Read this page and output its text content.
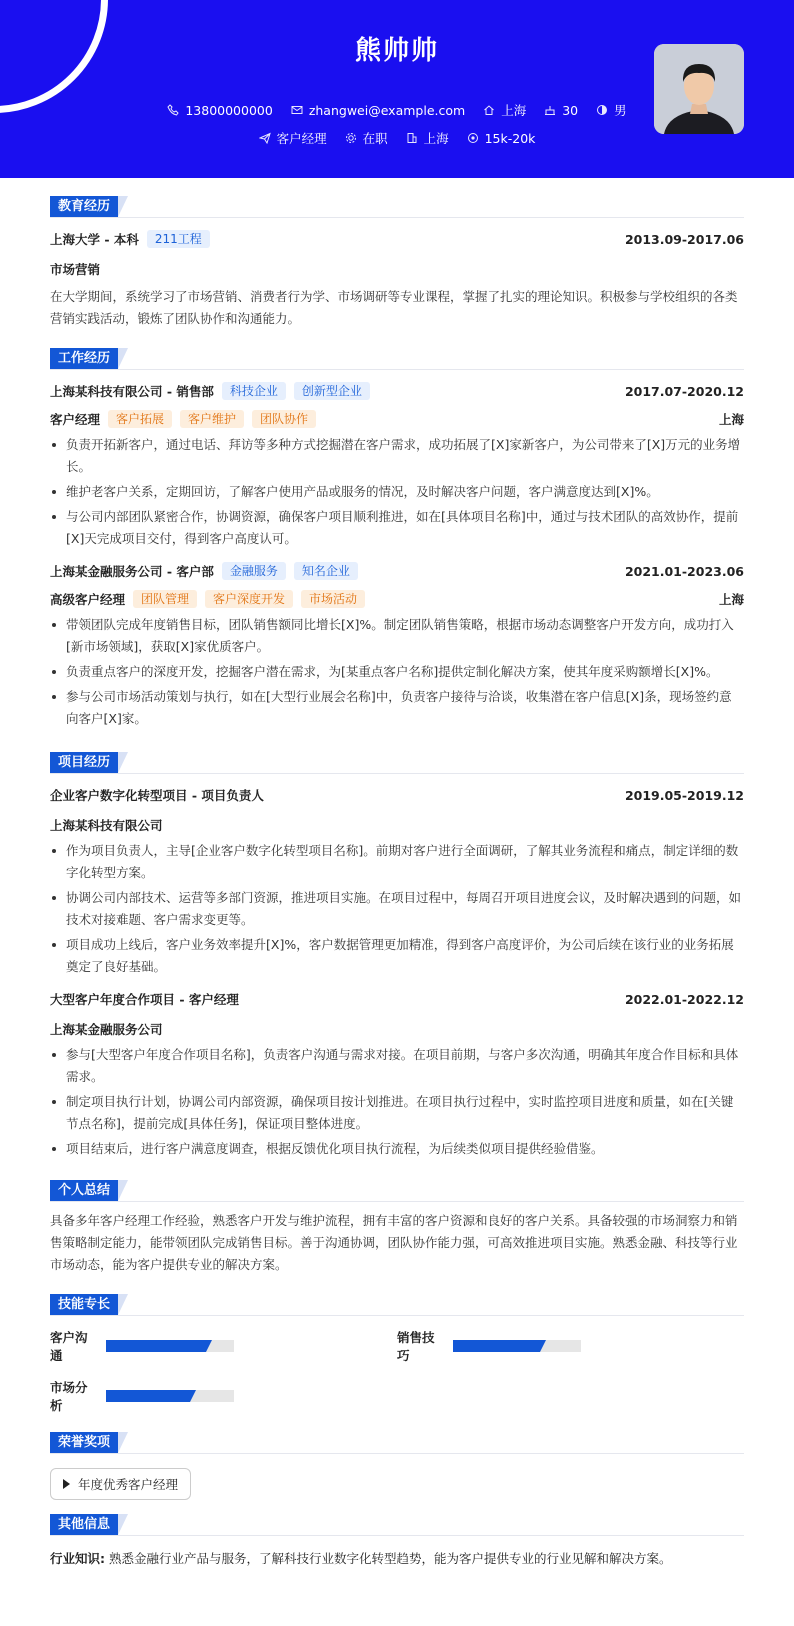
熊帅帅
13800000000	zhangwei@example.com	上海	30	男
客户经理	在职	上海	15k-20k
教育经历
上海大学 - 本科	211工程	2013.09-2017.06
市场营销
在大学期间，系统学习了市场营销、消费者行为学、市场调研等专业课程，掌握了扎实的理论知识。积极参与学校组织的各类营销实践活动，锻炼了团队协作和沟通能力。
工作经历
上海某科技有限公司 - 销售部	科技企业	创新型企业	2017.07-2020.12
客户经理	客户拓展	客户维护	团队协作	上海
负责开拓新客户，通过电话、拜访等多种方式挖掘潜在客户需求，成功拓展了[X]家新客户，为公司带来了[X]万元的业务增长。
维护老客户关系，定期回访，了解客户使用产品或服务的情况，及时解决客户问题，客户满意度达到[X]%。
与公司内部团队紧密合作，协调资源，确保客户项目顺利推进，如在[具体项目名称]中，通过与技术团队的高效协作，提前[X]天完成项目交付，得到客户高度认可。
上海某金融服务公司 - 客户部	金融服务	知名企业	2021.01-2023.06
高级客户经理	团队管理	客户深度开发	市场活动	上海
带领团队完成年度销售目标，团队销售额同比增长[X]%。制定团队销售策略，根据市场动态调整客户开发方向，成功打入[新市场领域]，获取[X]家优质客户。
负责重点客户的深度开发，挖掘客户潜在需求，为[某重点客户名称]提供定制化解决方案，使其年度采购额增长[X]%。
参与公司市场活动策划与执行，如在[大型行业展会名称]中，负责客户接待与洽谈，收集潜在客户信息[X]条，现场签约意向客户[X]家。
项目经历
企业客户数字化转型项目 - 项目负责人	2019.05-2019.12
上海某科技有限公司
作为项目负责人，主导[企业客户数字化转型项目名称]。前期对客户进行全面调研，了解其业务流程和痛点，制定详细的数字化转型方案。
协调公司内部技术、运营等多部门资源，推进项目实施。在项目过程中，每周召开项目进度会议，及时解决遇到的问题，如技术对接难题、客户需求变更等。
项目成功上线后，客户业务效率提升[X]%，客户数据管理更加精准，得到客户高度评价，为公司后续在该行业的业务拓展奠定了良好基础。
大型客户年度合作项目 - 客户经理	2022.01-2022.12
上海某金融服务公司
参与[大型客户年度合作项目名称]，负责客户沟通与需求对接。在项目前期，与客户多次沟通，明确其年度合作目标和具体需求。
制定项目执行计划，协调公司内部资源，确保项目按计划推进。在项目执行过程中，实时监控项目进度和质量，如在[关键节点名称]，提前完成[具体任务]，保证项目整体进度。
项目结束后，进行客户满意度调查，根据反馈优化项目执行流程，为后续类似项目提供经验借鉴。
个人总结
具备多年客户经理工作经验，熟悉客户开发与维护流程，拥有丰富的客户资源和良好的客户关系。具备较强的市场洞察力和销售策略制定能力，能带领团队完成销售目标。善于沟通协调，团队协作能力强，可高效推进项目实施。熟悉金融、科技等行业市场动态，能为客户提供专业的解决方案。
技能专长
客户沟通
销售技巧
市场分析
荣誉奖项
年度优秀客户经理
其他信息
行业知识: 熟悉金融行业产品与服务，了解科技行业数字化转型趋势，能为客户提供专业的行业见解和解决方案。
